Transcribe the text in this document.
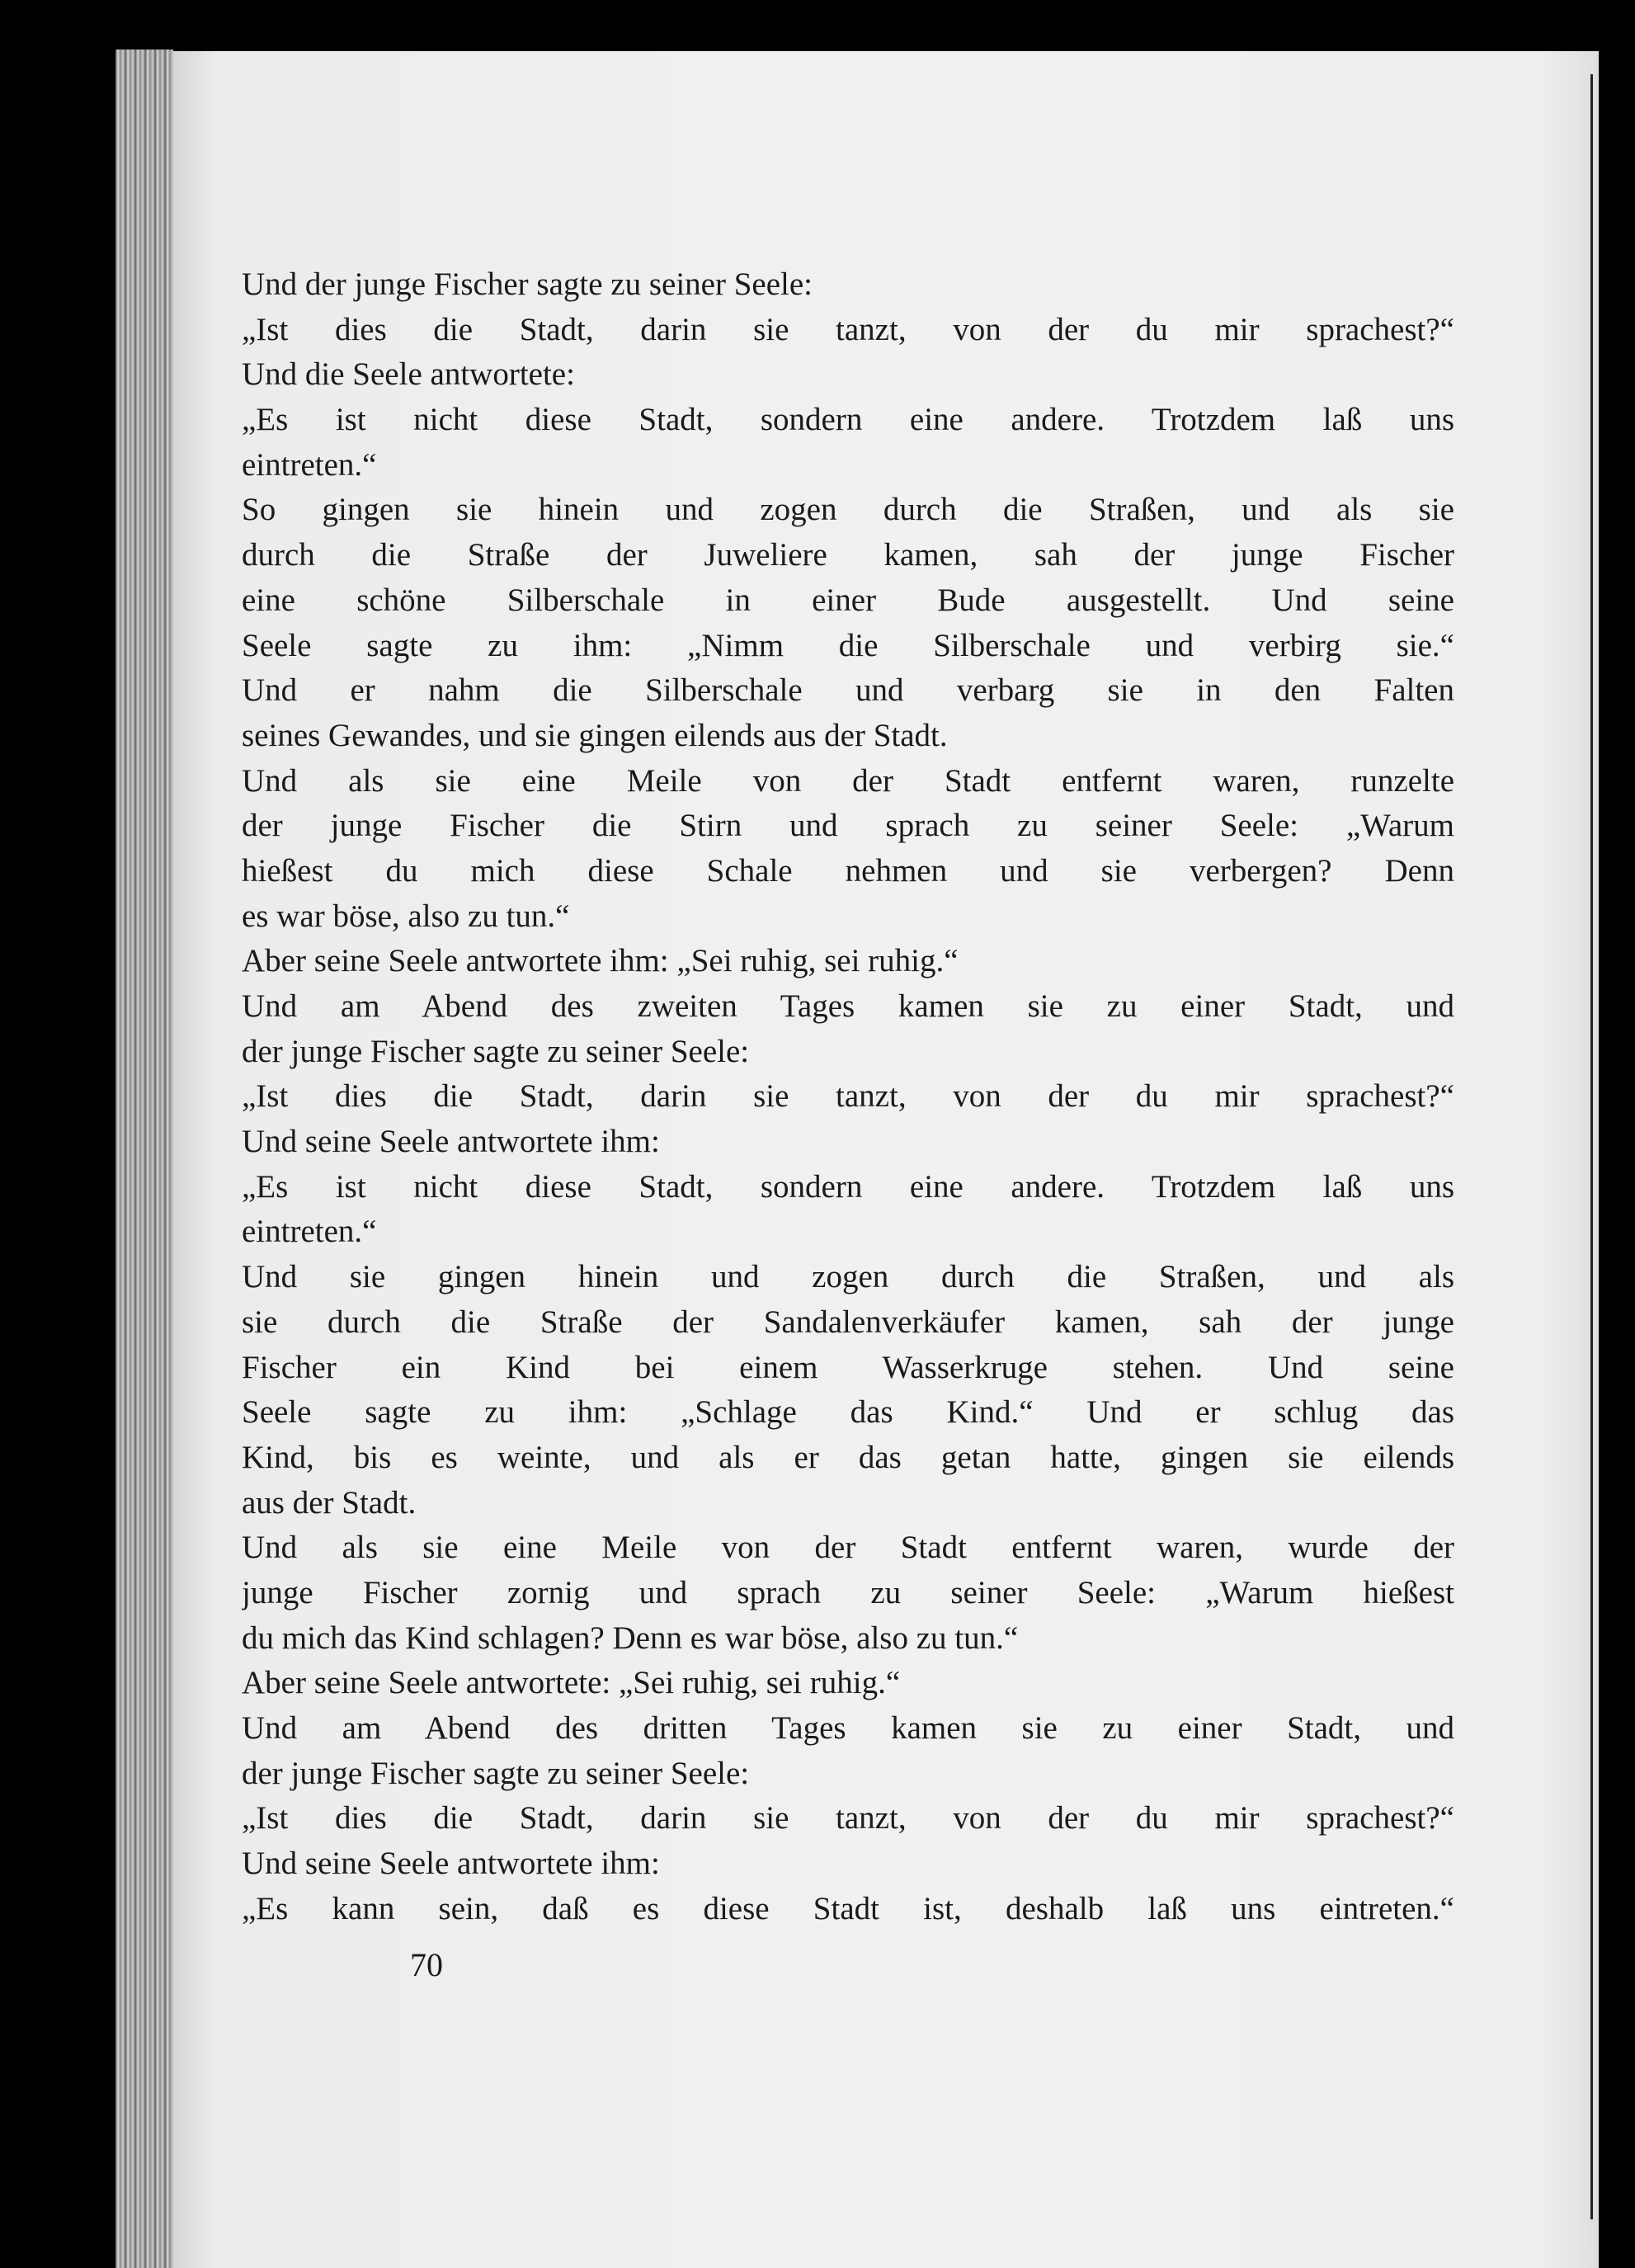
Und der junge Fischer sagte zu seiner Seele:
„Ist dies die Stadt, darin sie tanzt, von der du mir sprachest?“
Und die Seele antwortete:
„Es ist nicht diese Stadt, sondern eine andere. Trotzdem laß uns
eintreten.“
So gingen sie hinein und zogen durch die Straßen, und als sie
durch die Straße der Juweliere kamen, sah der junge Fischer
eine schöne Silberschale in einer Bude ausgestellt. Und seine
Seele sagte zu ihm: „Nimm die Silberschale und verbirg sie.“
Und er nahm die Silberschale und verbarg sie in den Falten
seines Gewandes, und sie gingen eilends aus der Stadt.
Und als sie eine Meile von der Stadt entfernt waren, runzelte
der junge Fischer die Stirn und sprach zu seiner Seele: „Warum
hießest du mich diese Schale nehmen und sie verbergen? Denn
es war böse, also zu tun.“
Aber seine Seele antwortete ihm: „Sei ruhig, sei ruhig.“
Und am Abend des zweiten Tages kamen sie zu einer Stadt, und
der junge Fischer sagte zu seiner Seele:
„Ist dies die Stadt, darin sie tanzt, von der du mir sprachest?“
Und seine Seele antwortete ihm:
„Es ist nicht diese Stadt, sondern eine andere. Trotzdem laß uns
eintreten.“
Und sie gingen hinein und zogen durch die Straßen, und als
sie durch die Straße der Sandalenverkäufer kamen, sah der junge
Fischer ein Kind bei einem Wasserkruge stehen. Und seine
Seele sagte zu ihm: „Schlage das Kind.“ Und er schlug das
Kind, bis es weinte, und als er das getan hatte, gingen sie eilends
aus der Stadt.
Und als sie eine Meile von der Stadt entfernt waren, wurde der
junge Fischer zornig und sprach zu seiner Seele: „Warum hießest
du mich das Kind schlagen? Denn es war böse, also zu tun.“
Aber seine Seele antwortete: „Sei ruhig, sei ruhig.“
Und am Abend des dritten Tages kamen sie zu einer Stadt, und
der junge Fischer sagte zu seiner Seele:
„Ist dies die Stadt, darin sie tanzt, von der du mir sprachest?“
Und seine Seele antwortete ihm:
„Es kann sein, daß es diese Stadt ist, deshalb laß uns eintreten.“
70
